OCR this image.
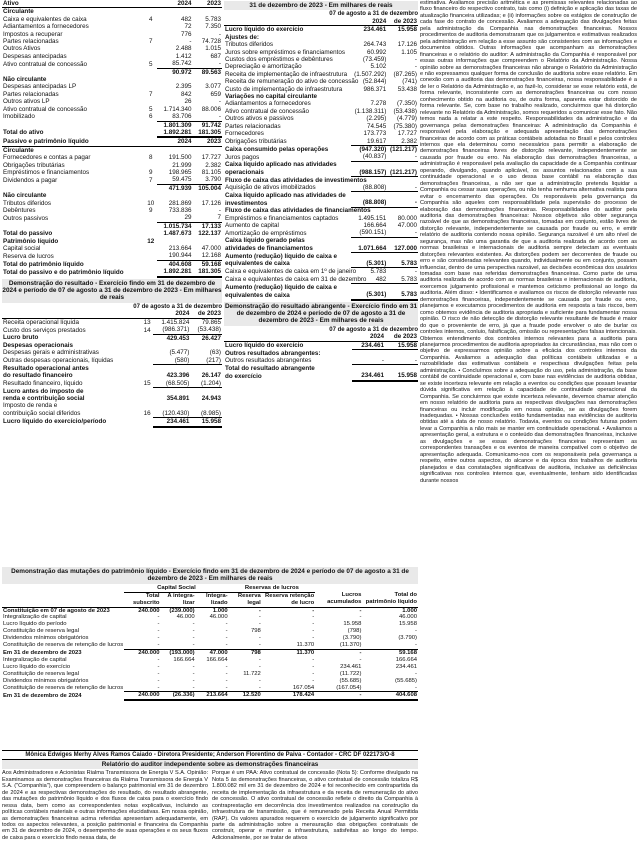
Ativo		2024	2023
Circulante			
Caixa e equivalentes de caixa	4	482	5.783
Adiantamentos a fornecedores		72	7.350
Impostos a recuperar		776	-
Partes relacionadas	7	-	74.728
Outros Ativos		2.488	1.015
Despesas antecipadas		1.412	687
Ativo contratual de concessão	5	85.742	-
		90.972	89.563
Não circulante			
Despesas antecipadas LP		2.395	3.077
Partes relacionadas	7	842	659
Outros ativos LP		26	-
Ativo contratual de concessão	5	1.714.340	88.006
Imobilizado	6	83.706	-
		1.801.309	91.742
Total do ativo		1.892.281	181.305
Passivo e patrimônio líquido		2024	2023
Circulante			
Fornecedores e contas a pagar	8	191.500	17.727
Obrigações tributárias		21.999	2.382
Empréstimos e financiamentos	9	198.965	81.105
Dividendos a pagar	7	59.475	3.790
		471.939	105.004
Não circulante			
Tributos diferidos	10	281.869	17.126
Debêntures	9	733.836	-
Outros passivos		29	7
		1.015.734	17.133
Total do passivo		1.487.673	122.137
Patrimônio líquido	12		
Capital social		213.664	47.000
Reserva de lucros		190.944	12.168
Total do patrimônio líquido		404.608	59.168
Total do passivo e do patrimônio líquido		1.892.281	181.305
Demonstração do resultado - Exercício findo em 31 de dezembro de 2024 e período de 07 de agosto a 31 de dezembro de 2023 - Em milhares de reais
07 de agosto a 31 de dezembro
		2024	de 2023
Receita operacional líquida	13	1.415.824	79.865
Custo dos serviços prestados	14	(986.371)	(53.438)
Lucro bruto		429.453	26.427
Despesas operacionais			
Despesas gerais e administrativas		(5.477)	(63)
Outras despesas operacionais, líquidas		(580)	(217)
Resultado operacional antes			
do resultado financeiro		423.396	26.147
Resultado financeiro, líquido	15	(68.505)	(1.204)
Lucro antes do imposto de			
renda e contribuição social		354.891	24.943
Imposto de renda e			
contribuição social diferidos	16	(120.430)	(8.985)
Lucro líquido do exercício/período		234.461	15.958
31 de dezembro de 2023 - Em milhares de reais
07 de agosto a 31 de dezembro
	2024	de 2023
Lucro líquido do exercício	234.461	15.958
Ajustes de:		
Tributos diferidos	264.743	17.126
Juros sobre empréstimos e financiamentos	60.992	1.105
Custos dos empréstimos e debêntures	(73.459)	-
Depreciação e amortização	5.102	-
Receita de implementação de infraestrutura	(1.507.292)	(87.265)
Receita de remuneração do ativo de concessão	(52.844)	(741)
Custo de implementação de infraestrutura	986.371	53.438
Variações no capital circulante		
Adiantamentos a fornecedores	7.278	(7.350)
Ativo contratual de concessão	(1.138.311)	(53.438)
Outros ativos e passivos	(2.295)	(4.779)
Partes relacionadas	74.545	(75.380)
Fornecedores	173.773	17.727
Obrigações tributárias	19.617	2.382
Caixa consumido pelas operações	(947.320)	(121.217)
Juros pagos	(40.837)	-
Caixa líquido aplicado nas atividades		
operacionais	(988.157)	(121.217)
Fluxo de caixa das atividades de investimentos		
Aquisição de ativos imobilizados	(88.808)	-
Caixa líquido aplicado nas atividades de		
investimentos	(88.808)	-
Fluxo de caixa das atividades de financiamentos		
Empréstimos e financiamentos captados	1.495.151	80.000
Aumento de capital	166.664	47.000
Amortização de empréstimos	(590.151)	-
Caixa líquido gerado pelas		
atividades de financiamentos	1.071.664	127.000
Aumento (redução) líquido de caixa e		
equivalentes de caixa	(5.301)	5.783
Caixa e equivalentes de caixa em 1º de janeiro	5.783	-
Caixa e equivalentes de caixa em 31 de dezembro	482	5.783
Aumento (redução) líquido de caixa e		
equivalentes de caixa	(5.301)	5.783
Demonstração do resultado abrangente - Exercício findo em 31 de dezembro de 2024 e período de 07 de agosto a 31 de dezembro de 2023 - Em milhares de reais
07 de agosto a 31 de dezembro
	2024	de 2023
Lucro líquido do exercício	234.461	15.958
Outros resultados abrangentes:		
Outros resultados abrangentes	-	-
Total do resultado abrangente		
do exercício	234.461	15.958

estimativa. Avaliamos precisão aritmética e as premissas relevantes relacionadas ao fluxo financeiro do respectivo contrato, tais como (i) definição e aplicação das taxas de atualização financeira utilizadas; e (ii) informações sobre os estágios de construção de cada fase do contrato de concessão. Avaliamos a adequação das divulgações feitas pela administração da Companhia nas demonstrações financeiras. Nossos procedimentos de auditoria demonstraram que os julgamentos e estimativas realizados pela administração em relação a esse assunto são consistentes com as informações e documentos obtidos. Outras informações que acompanham as demonstrações financeiras e o relatório do auditor: A administração da Companhia é responsável por essas outras informações que compreendem o Relatório da Administração. Nossa opinião sobre as demonstrações financeiras não abrange o Relatório da Administração e não expressamos qualquer forma de conclusão de auditoria sobre esse relatório. Em conexão com a auditoria das demonstrações financeiras, nossa responsabilidade é a de ler o Relatório da Administração e, ao fazê-lo, considerar se esse relatório está, de forma relevante, inconsistente com as demonstrações financeiras ou com nosso conhecimento obtido na auditoria ou, de outra forma, aparenta estar distorcido de forma relevante. Se, com base no trabalho realizado, concluirmos que há distorção relevante no Relatório da Administração, somos requeridos a comunicar esse fato. Não temos nada a relatar a este respeito. Responsabilidades da administração e da governança pelas demonstrações financeiras: A administração da Companhia é responsável pela elaboração e adequada apresentação das demonstrações financeiras de acordo com as práticas contábeis adotadas no Brasil e pelos controles internos que ela determinou como necessários para permitir a elaboração de demonstrações financeiras livres de distorção relevante, independentemente se causada por fraude ou erro. Na elaboração das demonstrações financeiras, a administração é responsável pela avaliação da capacidade de a Companhia continuar operando, divulgando, quando aplicável, os assuntos relacionados com a sua continuidade operacional e o uso dessa base contábil na elaboração das demonstrações financeiras, a não ser que a administração pretenda liquidar a Companhia ou cessar suas operações, ou não tenha nenhuma alternativa realista para evitar o encerramento das operações. Os responsáveis pela governança da Companhia são aqueles com responsabilidade pela supervisão do processo de elaboração das demonstrações financeiras. Responsabilidades do auditor pela auditoria das demonstrações financeiras: Nossos objetivos são obter segurança razoável de que as demonstrações financeiras, tomadas em conjunto, estão livres de distorção relevante, independentemente se causada por fraude ou erro, e emitir relatório de auditoria contendo nossa opinião. Segurança razoável é um alto nível de segurança, mas não uma garantia de que a auditoria realizada de acordo com as normas brasileiras e internacionais de auditoria sempre detectam as eventuais distorções relevantes existentes. As distorções podem ser decorrentes de fraude ou erro e são consideradas relevantes quando, individualmente ou em conjunto, possam influenciar, dentro de uma perspectiva razoável, as decisões econômicas dos usuários tomadas com base nas referidas demonstrações financeiras. Como parte de uma auditoria realizada de acordo com as normas brasileiras e internacionais de auditoria, exercemos julgamento profissional e mantemos ceticismo profissional ao longo da auditoria. Além disso: • Identificamos e avaliamos os riscos de distorção relevante nas demonstrações financeiras, independentemente se causada por fraude ou erro, planejamos e executamos procedimentos de auditoria em resposta a tais riscos, bem como obtemos evidência de auditoria apropriada e suficiente para fundamentar nossa opinião. O risco de não detecção de distorção relevante resultante de fraude é maior do que o proveniente de erro, já que a fraude pode envolver o ato de burlar os controles internos, conluio, falsificação, omissão ou representações falsas intencionais. Obtemos entendimento dos controles internos relevantes para a auditoria para planejarmos procedimentos de auditoria apropriados às circunstâncias, mas não com o objetivo de expressarmos opinião sobre a eficácia dos controles internos da Companhia. Avaliamos a adequação das políticas contábeis utilizadas e a razoabilidade das estimativas contábeis e respectivas divulgações feitas pela administração. • Concluímos sobre a adequação do uso, pela administração, da base contábil de continuidade operacional e, com base nas evidências de auditoria obtidas, se existe incerteza relevante em relação a eventos ou condições que possam levantar dúvida significativa em relação à capacidade de continuidade operacional da Companhia. Se concluirmos que existe incerteza relevante, devemos chamar atenção em nosso relatório de auditoria para as respectivas divulgações nas demonstrações financeiras ou incluir modificação em nossa opinião, se as divulgações forem inadequadas. • Nossas conclusões estão fundamentadas nas evidências de auditoria obtidas até a data de nosso relatório. Todavia, eventos ou condições futuras podem levar a Companhia a não mais se manter em continuidade operacional. • Avaliamos a apresentação geral, a estrutura e o conteúdo das demonstrações financeiras, inclusive as divulgações e se essas demonstrações financeiras representam as correspondentes transações e os eventos de maneira compatível com o objetivo de apresentação adequada. Comunicamo-nos com os responsáveis pela governança a respeito, entre outros aspectos, do alcance e da época dos trabalhos de auditoria planejados e das constatações significativas de auditoria, inclusive as deficiências significativas nos controles internos que, eventualmente, tenham sido identificadas durante nossos

Demonstração das mutações do patrimônio líquido - Exercício findo em 31 de dezembro de 2024 e período de 07 de agosto a 31 de dezembro de 2023 - Em milhares de reais
	Capital Social			Reservas de lucros			
	Total subscrito	A integra- lizar	Integra- lizado	Reserva legal	Reserva retenção de lucro	Lucros acumulados	Total do patrimônio líquido
Constituição em 07 de agosto de 2023	240.000	(239.000)	1.000	-	-	-	1.000
Integralização de capital	-	46.000	46.000	-	-	-	46.000
Lucro líquido do período	-	-	-	-	-	15.958	15.958
Constituição de reserva legal	-	-	-	798	-	(798)	-
Dividendos mínimos obrigatórios	-	-	-	-	-	(3.790)	(3.790)
Constituição de reserva de retenção de lucros	-	-	-	-	11.370	(11.370)	-
Em 31 de dezembro de 2023	240.000	(193.000)	47.000	798	11.370	-	59.168
Integralização de capital	-	166.664	166.664	-	-	-	166.664
Lucro líquido do exercício	-	-	-	-	-	234.461	234.461
Constituição de reserva legal	-	-	-	11.722	-	(11.722)	-
Dividendos mínimos obrigatórios	-	-	-	-	-	(55.685)	(55.685)
Constituição de reserva de retenção de lucros	-	-	-	-	167.054	(167.054)	-
Em 31 de dezembro de 2024	240.000	(26.336)	213.664	12.520	178.424	-	404.608
Mônica Edwiges Merhy Alves Ramos Caiado - Diretora Presidente; Anderson Florentino de Paiva - Contador - CRC DF 022173/O-8
Relatório do auditor independente sobre as demonstrações financeiras

Aos Administradores e Acionistas Rialma Transmissora de Energia V S.A. Opinião: Examinamos as demonstrações financeiras da Rialma Transmissora de Energia V S.A. ("Companhia"), que compreendem o balanço patrimonial em 31 de dezembro de 2024 e as respectivas demonstrações do resultado, do resultado abrangente, das mutações do patrimônio líquido e dos fluxos de caixa para o exercício findo nessa data, bem como as correspondentes notas explicativas, incluindo as políticas contábeis materiais e outras informações elucidativas. Em nossa opinião, as demonstrações financeiras acima referidas apresentam adequadamente, em todos os aspectos relevantes, a posição patrimonial e financeira da Companhia em 31 de dezembro de 2024, o desempenho de suas operações e os seus fluxos de caixa para o exercício findo nessa data, de

Porque é um PAA: Ativo contratual de concessão (Nota 5): Conforme divulgado na Nota 5 às demonstrações financeiras, o ativo contratual de concessão totaliza R$ 1.800.082 mil em 31 de dezembro de 2024 e foi reconhecido em contrapartida da receita de implementação da infraestrutura e da receita de remuneração do ativo de concessão. O ativo contratual de concessão reflete o direito da Companhia à contraprestação em decorrência dos investimentos realizados na construção da infraestrutura de transmissão, que é remunerado pela Receita Anual Permitida (RAP). Os valores apurados requerem o exercício de julgamento significativo por parte da administração sobre a mensuração das obrigações contratuais de construir, operar e manter a infraestrutura, satisfeitas ao longo do tempo. Adicionalmente, por se tratar de ativos
